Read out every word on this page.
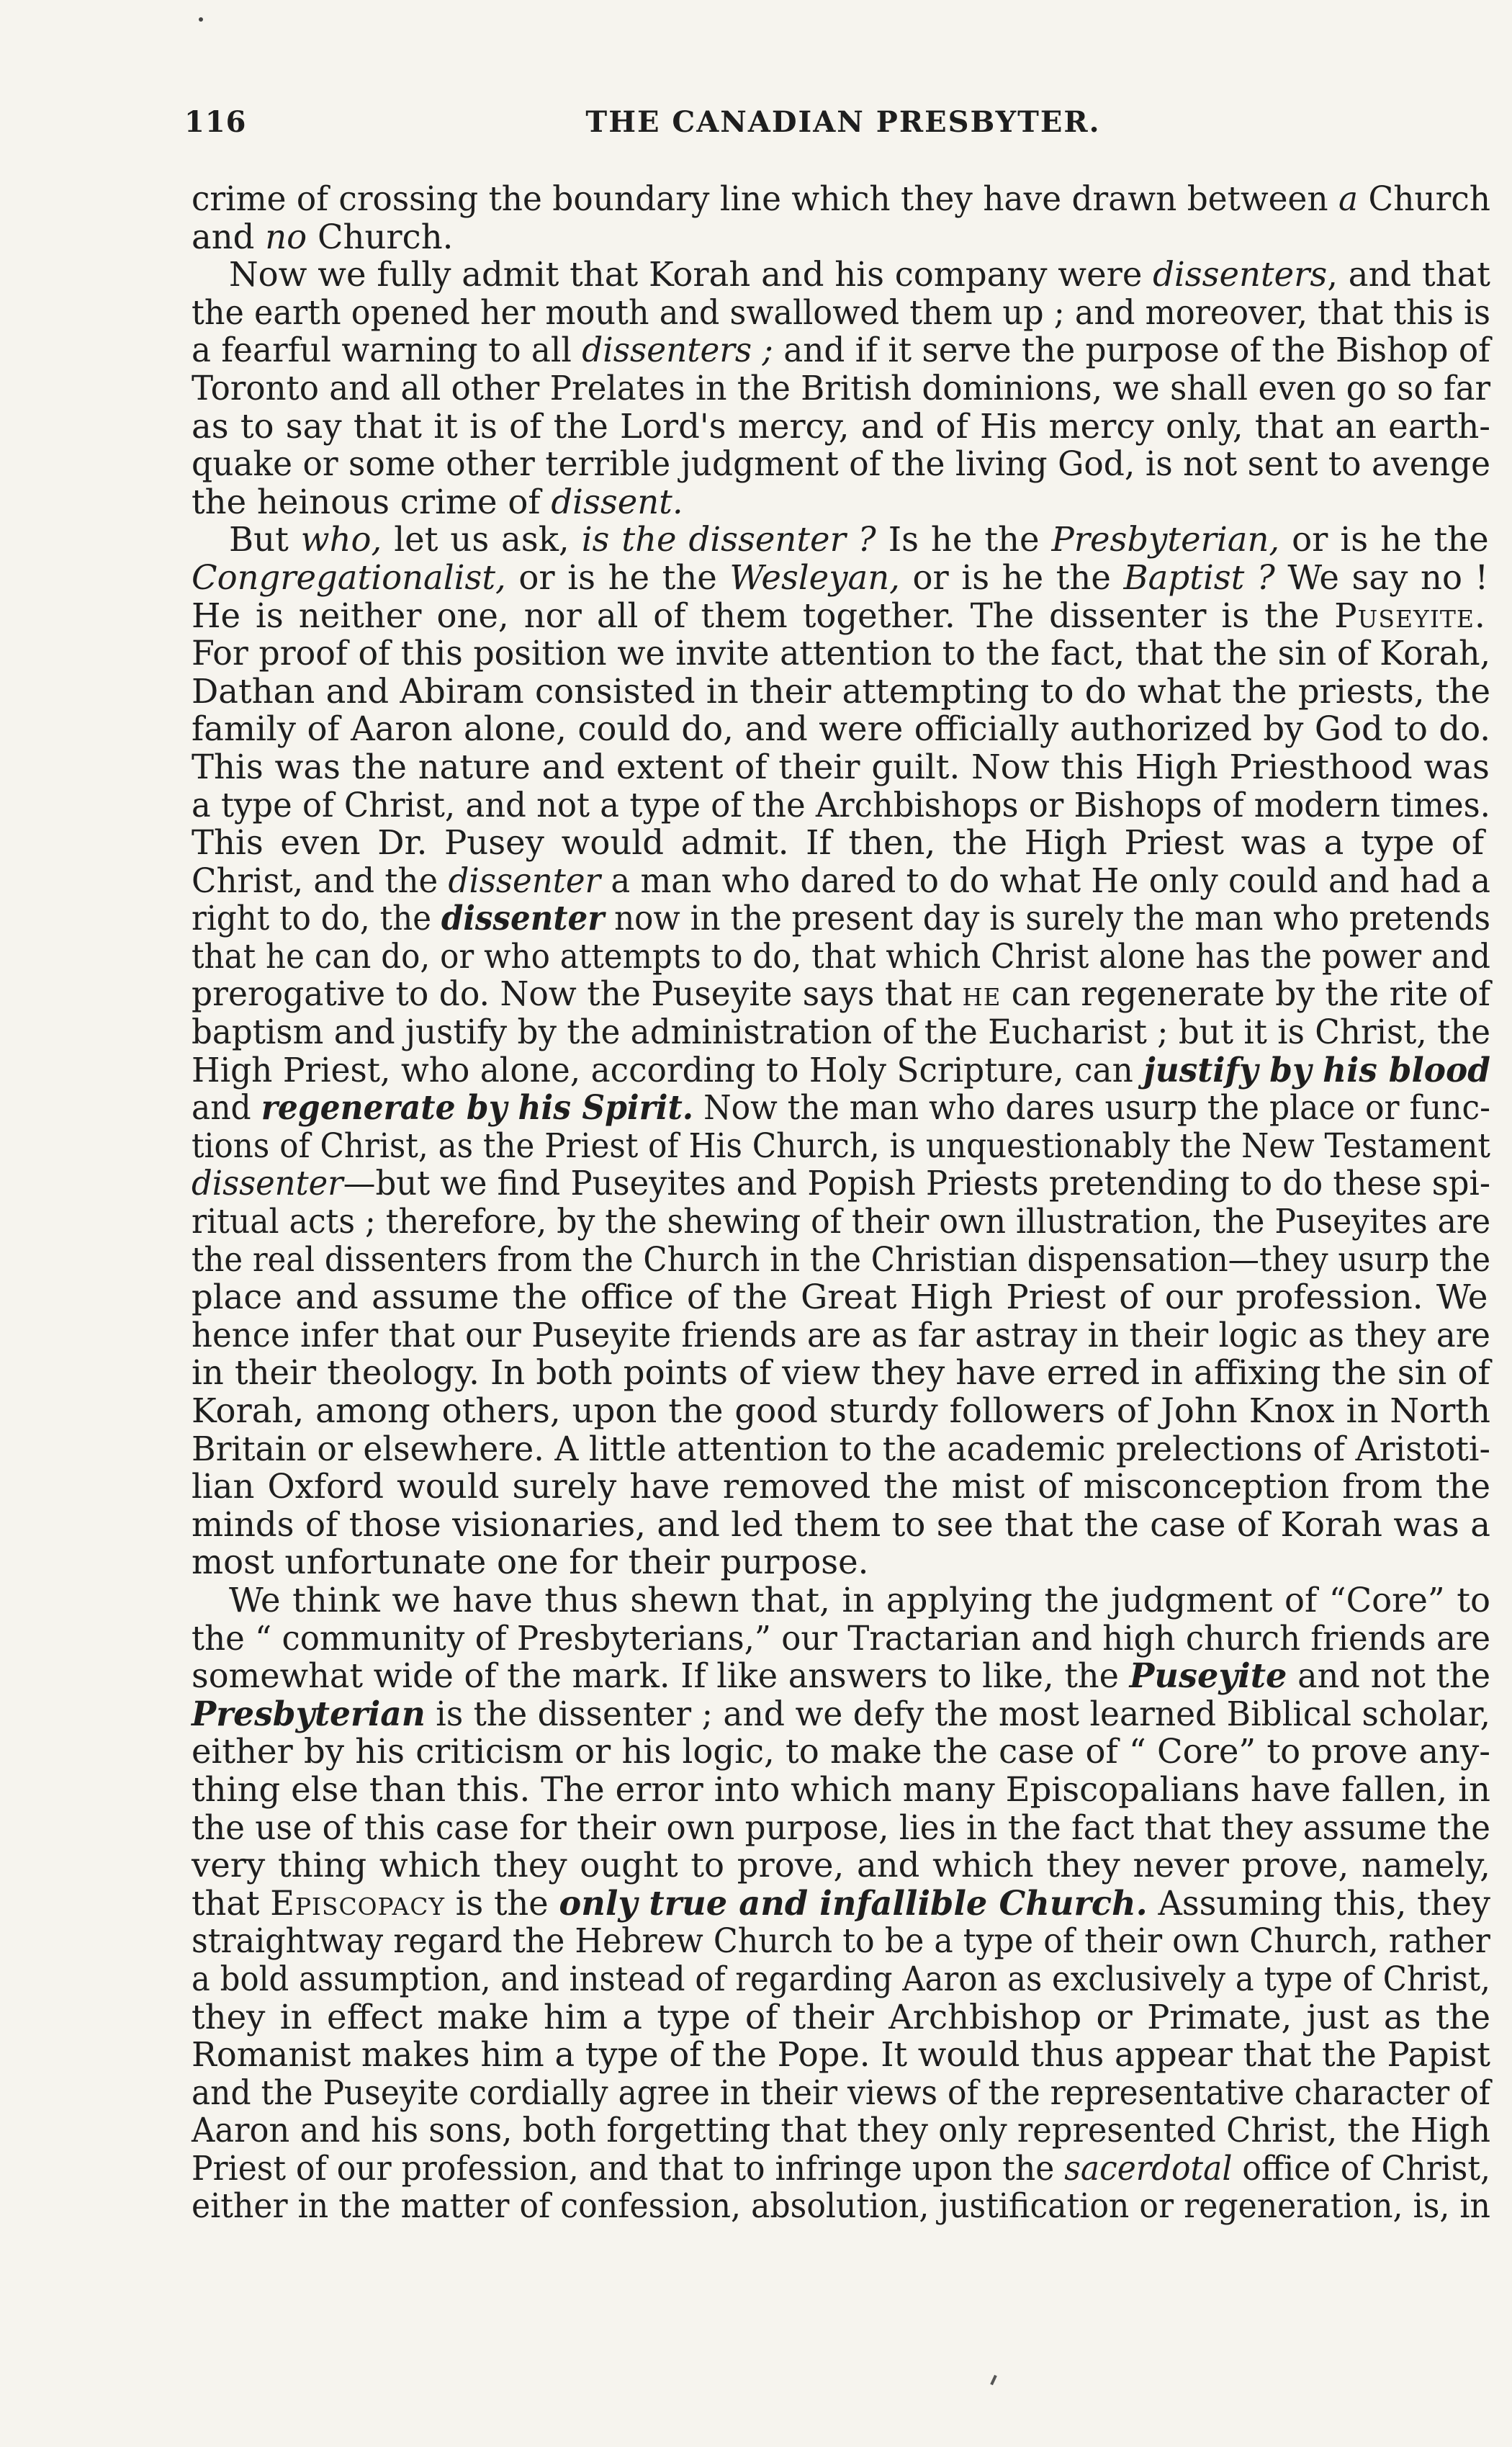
116	THE CANADIAN PRESBYTER.

crime of crossing the boundary line which they have drawn between a Church
and no Church.

Now we fully admit that Korah and his company were dissenters, and that
the earth opened her mouth and swallowed them up ; and moreover, that this is
a fearful warning to all dissenters ; and if it serve the purpose of the Bishop of
Toronto and all other Prelates in the British dominions, we shall even go so far
as to say that it is of the Lord's mercy, and of His mercy only, that an earth-
quake or some other terrible judgment of the living God, is not sent to avenge
the heinous crime of dissent.

But who, let us ask, is the dissenter ? Is he the Presbyterian, or is he the
Congregationalist, or is he the Wesleyan, or is he the Baptist ? We say no !
He is neither one, nor all of them together. The dissenter is the Puseyite.
For proof of this position we invite attention to the fact, that the sin of Korah,
Dathan and Abiram consisted in their attempting to do what the priests, the
family of Aaron alone, could do, and were officially authorized by God to do.
This was the nature and extent of their guilt. Now this High Priesthood was
a type of Christ, and not a type of the Archbishops or Bishops of modern times.
This even Dr. Pusey would admit. If then, the High Priest was a type of
Christ, and the dissenter a man who dared to do what He only could and had a
right to do, the dissenter now in the present day is surely the man who pretends
that he can do, or who attempts to do, that which Christ alone has the power and
prerogative to do. Now the Puseyite says that he can regenerate by the rite of
baptism and justify by the administration of the Eucharist ; but it is Christ, the
High Priest, who alone, according to Holy Scripture, can justify by his blood
and regenerate by his Spirit. Now the man who dares usurp the place or func-
tions of Christ, as the Priest of His Church, is unquestionably the New Testament
dissenter—but we find Puseyites and Popish Priests pretending to do these spi-
ritual acts ; therefore, by the shewing of their own illustration, the Puseyites are
the real dissenters from the Church in the Christian dispensation—they usurp the
place and assume the office of the Great High Priest of our profession. We
hence infer that our Puseyite friends are as far astray in their logic as they are
in their theology. In both points of view they have erred in affixing the sin of
Korah, among others, upon the good sturdy followers of John Knox in North
Britain or elsewhere. A little attention to the academic prelections of Aristoti-
lian Oxford would surely have removed the mist of misconception from the
minds of those visionaries, and led them to see that the case of Korah was a
most unfortunate one for their purpose.

We think we have thus shewn that, in applying the judgment of “Core” to
the “ community of Presbyterians,” our Tractarian and high church friends are
somewhat wide of the mark. If like answers to like, the Puseyite and not the
Presbyterian is the dissenter ; and we defy the most learned Biblical scholar,
either by his criticism or his logic, to make the case of “ Core” to prove any-
thing else than this. The error into which many Episcopalians have fallen, in
the use of this case for their own purpose, lies in the fact that they assume the
very thing which they ought to prove, and which they never prove, namely,
that Episcopacy is the only true and infallible Church. Assuming this, they
straightway regard the Hebrew Church to be a type of their own Church, rather
a bold assumption, and instead of regarding Aaron as exclusively a type of Christ,
they in effect make him a type of their Archbishop or Primate, just as the
Romanist makes him a type of the Pope. It would thus appear that the Papist
and the Puseyite cordially agree in their views of the representative character of
Aaron and his sons, both forgetting that they only represented Christ, the High
Priest of our profession, and that to infringe upon the sacerdotal office of Christ,
either in the matter of confession, absolution, justification or regeneration, is, in
